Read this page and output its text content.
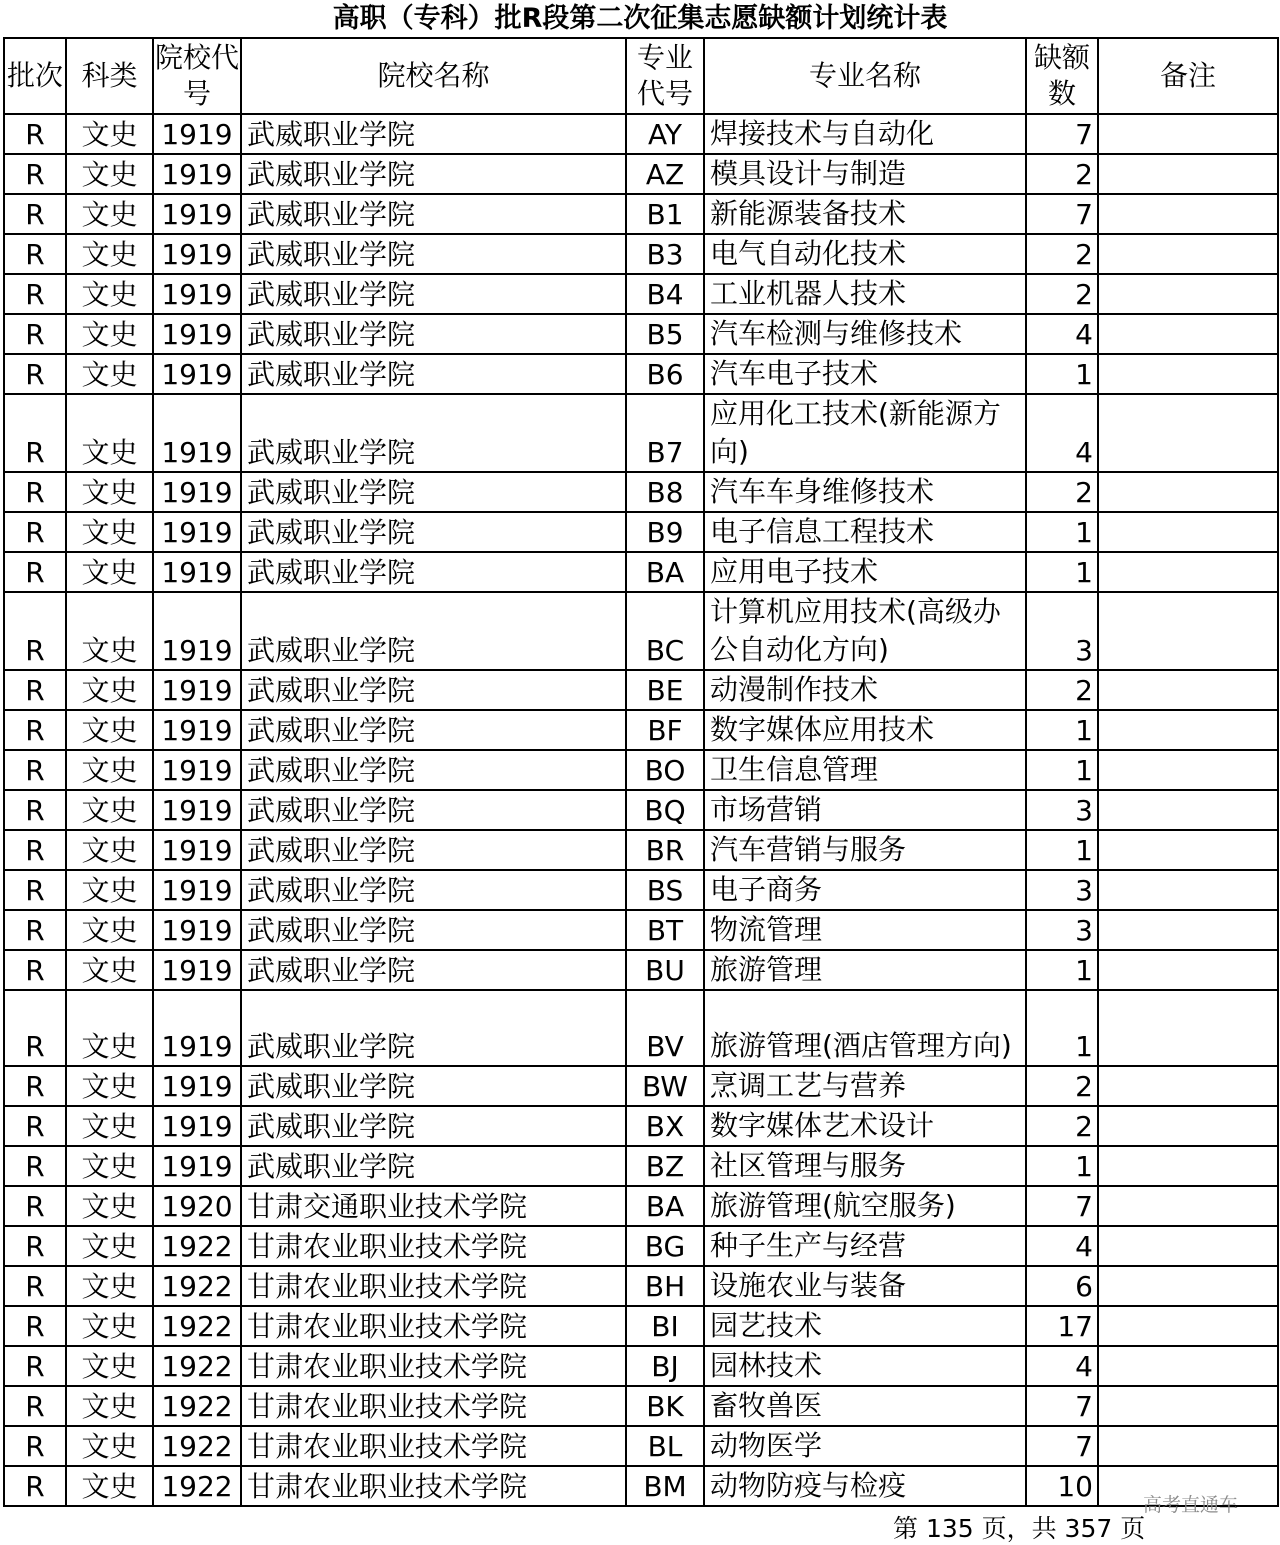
高职（专科）批R段第二次征集志愿缺额计划统计表
批次	科类	院校代号	院校名称	专业代号	专业名称	缺额数	备注
R	文史	1919	武威职业学院	AY	焊接技术与自动化	7	
R	文史	1919	武威职业学院	AZ	模具设计与制造	2	
R	文史	1919	武威职业学院	B1	新能源装备技术	7	
R	文史	1919	武威职业学院	B3	电气自动化技术	2	
R	文史	1919	武威职业学院	B4	工业机器人技术	2	
R	文史	1919	武威职业学院	B5	汽车检测与维修技术	4	
R	文史	1919	武威职业学院	B6	汽车电子技术	1	
R	文史	1919	武威职业学院	B7	应用化工技术(新能源方向)	4	
R	文史	1919	武威职业学院	B8	汽车车身维修技术	2	
R	文史	1919	武威职业学院	B9	电子信息工程技术	1	
R	文史	1919	武威职业学院	BA	应用电子技术	1	
R	文史	1919	武威职业学院	BC	计算机应用技术(高级办公自动化方向)	3	
R	文史	1919	武威职业学院	BE	动漫制作技术	2	
R	文史	1919	武威职业学院	BF	数字媒体应用技术	1	
R	文史	1919	武威职业学院	BO	卫生信息管理	1	
R	文史	1919	武威职业学院	BQ	市场营销	3	
R	文史	1919	武威职业学院	BR	汽车营销与服务	1	
R	文史	1919	武威职业学院	BS	电子商务	3	
R	文史	1919	武威职业学院	BT	物流管理	3	
R	文史	1919	武威职业学院	BU	旅游管理	1	
R	文史	1919	武威职业学院	BV	旅游管理(酒店管理方向)	1	
R	文史	1919	武威职业学院	BW	烹调工艺与营养	2	
R	文史	1919	武威职业学院	BX	数字媒体艺术设计	2	
R	文史	1919	武威职业学院	BZ	社区管理与服务	1	
R	文史	1920	甘肃交通职业技术学院	BA	旅游管理(航空服务)	7	
R	文史	1922	甘肃农业职业技术学院	BG	种子生产与经营	4	
R	文史	1922	甘肃农业职业技术学院	BH	设施农业与装备	6	
R	文史	1922	甘肃农业职业技术学院	BI	园艺技术	17	
R	文史	1922	甘肃农业职业技术学院	BJ	园林技术	4	
R	文史	1922	甘肃农业职业技术学院	BK	畜牧兽医	7	
R	文史	1922	甘肃农业职业技术学院	BL	动物医学	7	
R	文史	1922	甘肃农业职业技术学院	BM	动物防疫与检疫	10	
高考直通车
第 135 页，共 357 页
